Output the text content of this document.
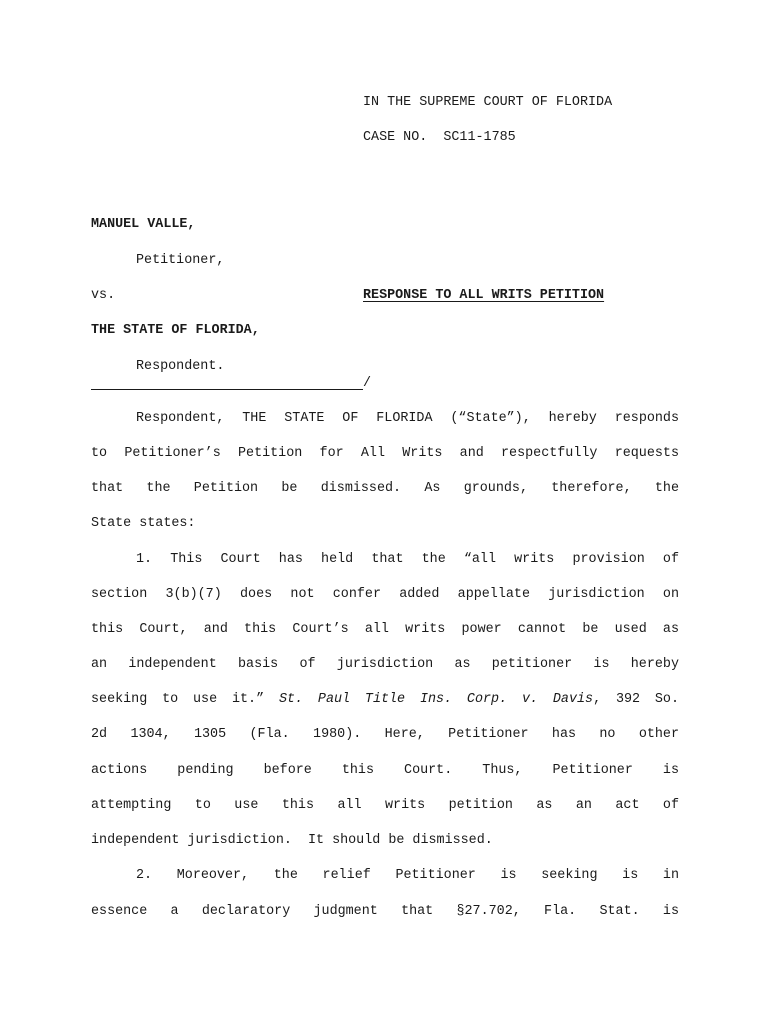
IN THE SUPREME COURT OF FLORIDA
CASE NO.  SC11-1785
MANUEL VALLE,
Petitioner,
vs.	RESPONSE TO ALL WRITS PETITION
THE STATE OF FLORIDA,
Respondent.
/
Respondent, THE STATE OF FLORIDA (“State”), hereby responds
to Petitioner’s Petition for All Writs and respectfully requests
that the Petition be dismissed. As grounds, therefore, the
State states:
1. This Court has held that the “all writs provision of
section 3(b)(7) does not confer added appellate jurisdiction on
this Court, and this Court’s all writs power cannot be used as
an independent basis of jurisdiction as petitioner is hereby
seeking to use it.” St. Paul Title Ins. Corp. v. Davis, 392 So.
2d 1304, 1305 (Fla. 1980). Here, Petitioner has no other
actions pending before this Court. Thus, Petitioner is
attempting to use this all writs petition as an act of
independent jurisdiction.  It should be dismissed.
2. Moreover, the relief Petitioner is seeking is in
essence a declaratory judgment that §27.702, Fla. Stat. is
